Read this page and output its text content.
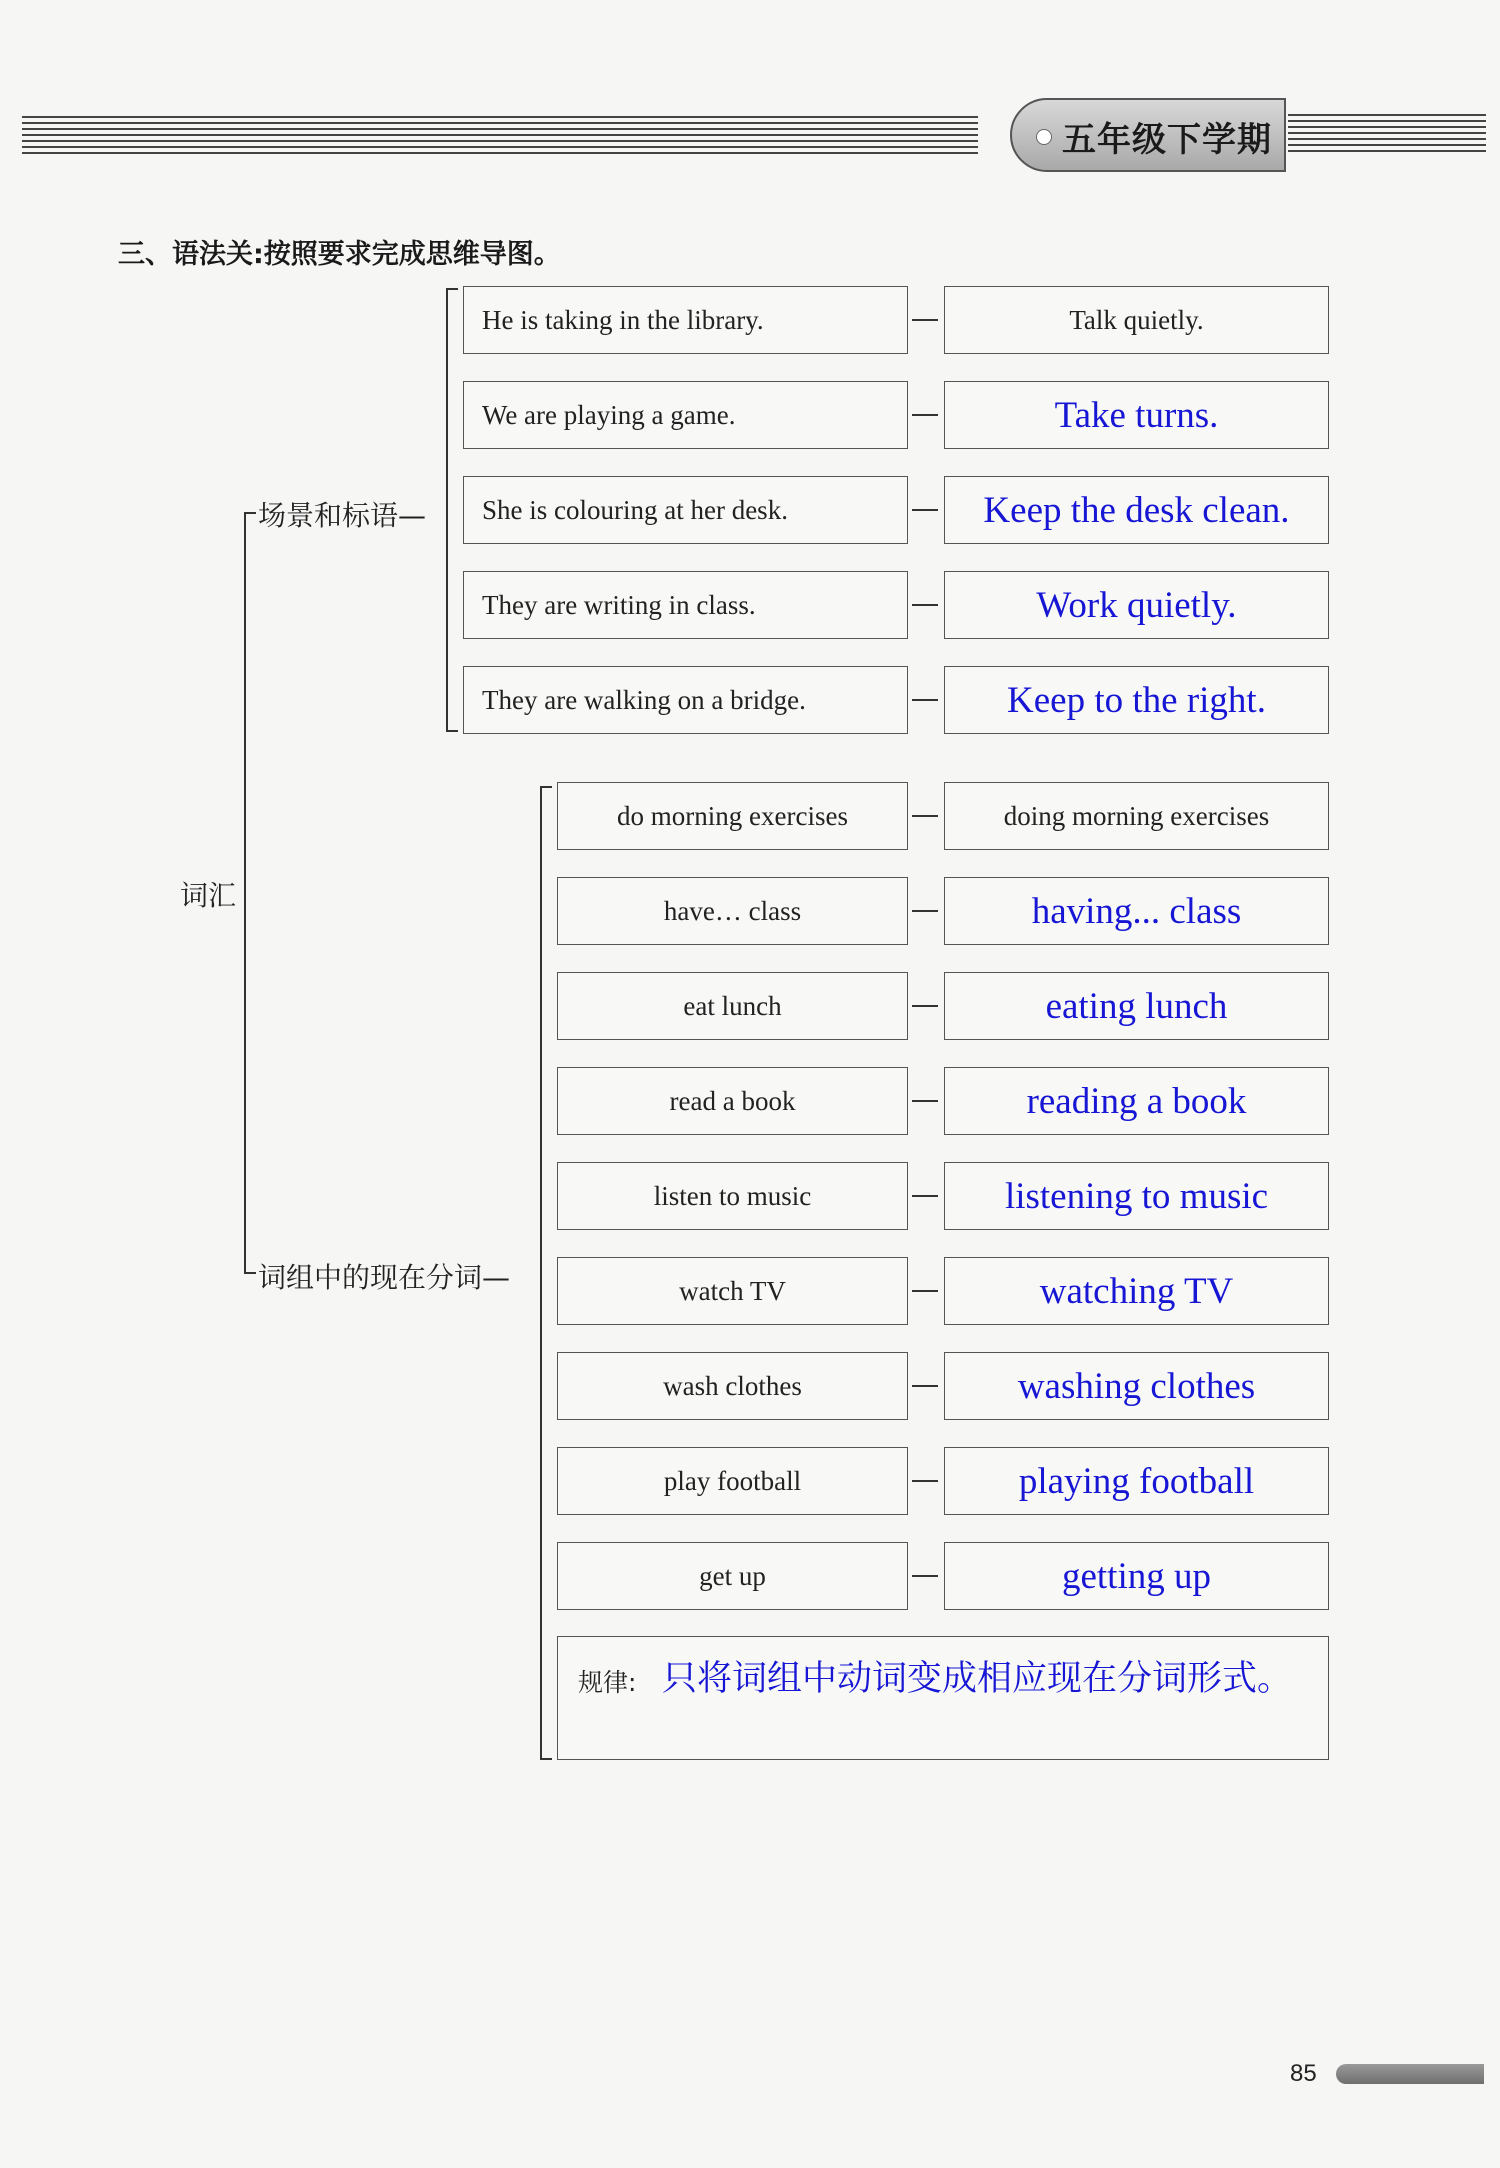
五年级下学期
三、语法关:按照要求完成思维导图。
词汇
场景和标语—
He is taking in the library.	Talk quietly.
We are playing a game.	Take turns.
She is colouring at her desk.	Keep the desk clean.
They are writing in class.	Work quietly.
They are walking on a bridge.	Keep to the right.
词组中的现在分词—
do morning exercises	doing morning exercises
have… class	having... class
eat lunch	eating lunch
read a book	reading a book
listen to music	listening to music
watch TV	watching TV
wash clothes	washing clothes
play football	playing football
get up	getting up
规律: 只将词组中动词变成相应现在分词形式。
85
